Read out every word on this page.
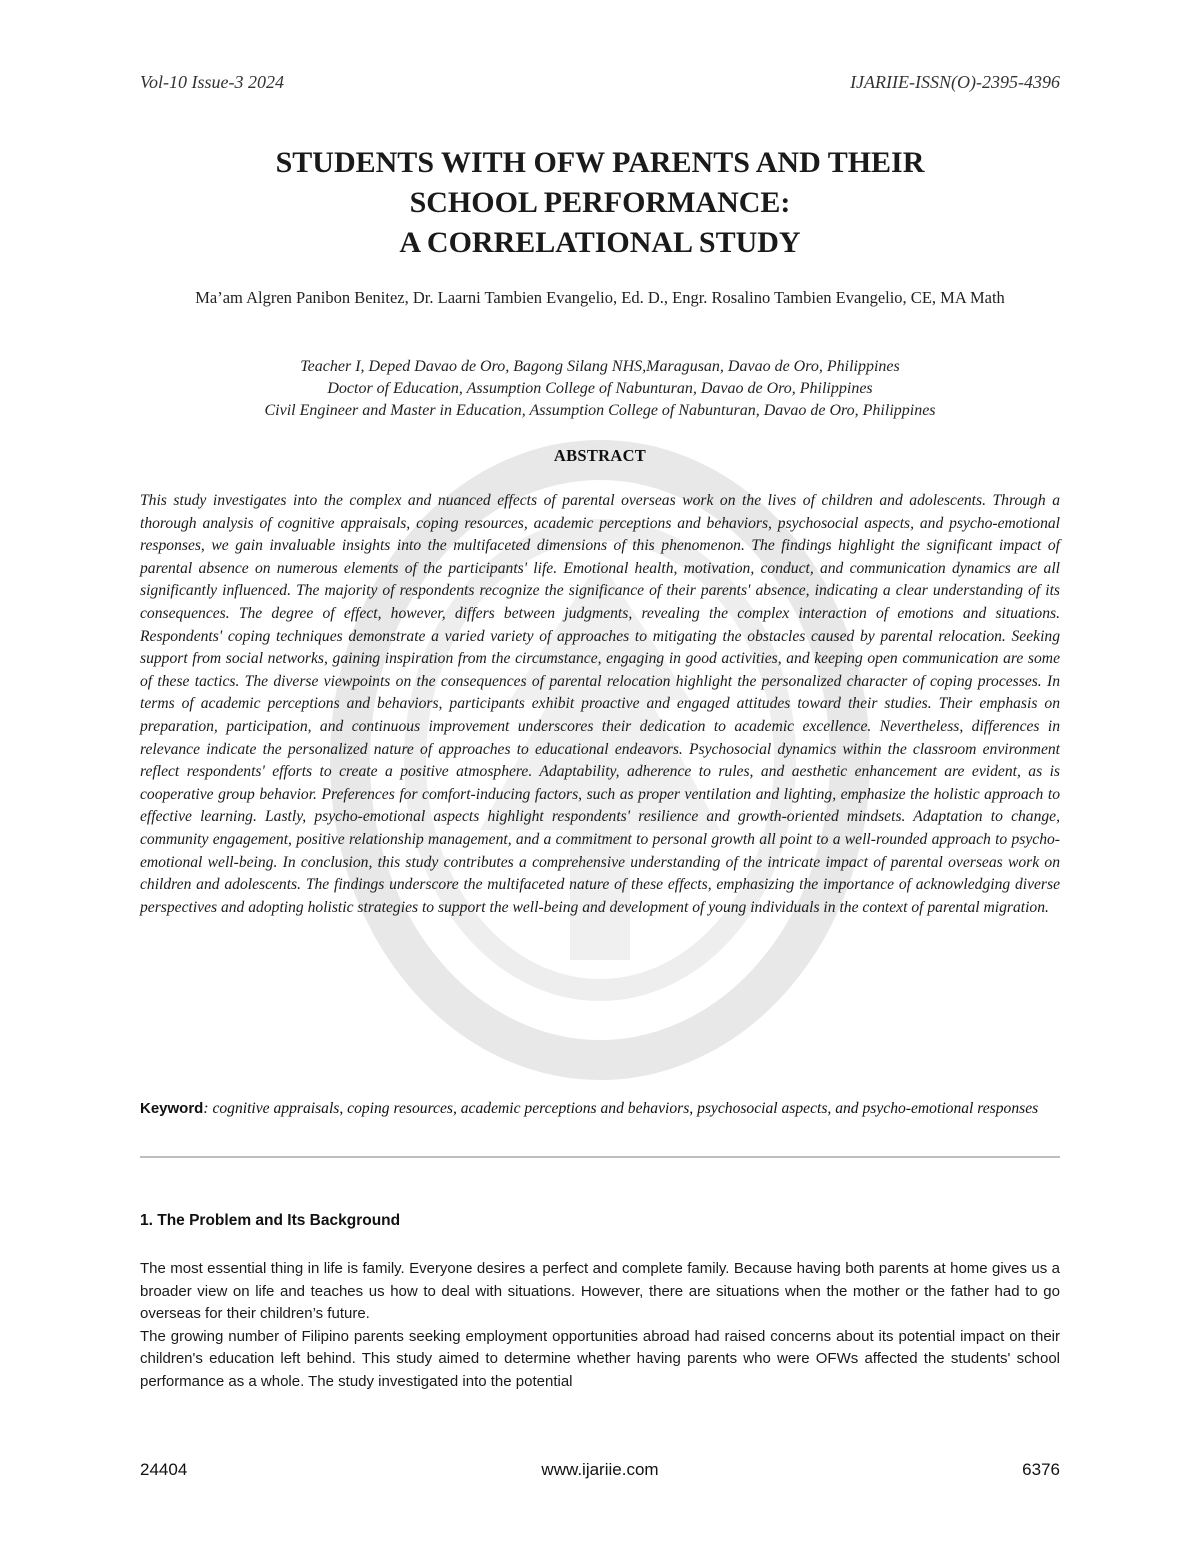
Vol-10 Issue-3 2024	IJARIIE-ISSN(O)-2395-4396
STUDENTS WITH OFW PARENTS AND THEIR
SCHOOL PERFORMANCE:
A CORRELATIONAL STUDY
Ma’am Algren Panibon Benitez, Dr. Laarni Tambien Evangelio, Ed. D., Engr. Rosalino Tambien Evangelio, CE, MA Math
Teacher I, Deped Davao de Oro, Bagong Silang NHS,Maragusan, Davao de Oro, Philippines
Doctor of Education, Assumption College of Nabunturan, Davao de Oro, Philippines
Civil Engineer and Master in Education, Assumption College of Nabunturan, Davao de Oro, Philippines
ABSTRACT
This study investigates into the complex and nuanced effects of parental overseas work on the lives of children and adolescents. Through a thorough analysis of cognitive appraisals, coping resources, academic perceptions and behaviors, psychosocial aspects, and psycho-emotional responses, we gain invaluable insights into the multifaceted dimensions of this phenomenon. The findings highlight the significant impact of parental absence on numerous elements of the participants' life. Emotional health, motivation, conduct, and communication dynamics are all significantly influenced. The majority of respondents recognize the significance of their parents' absence, indicating a clear understanding of its consequences. The degree of effect, however, differs between judgments, revealing the complex interaction of emotions and situations. Respondents' coping techniques demonstrate a varied variety of approaches to mitigating the obstacles caused by parental relocation. Seeking support from social networks, gaining inspiration from the circumstance, engaging in good activities, and keeping open communication are some of these tactics. The diverse viewpoints on the consequences of parental relocation highlight the personalized character of coping processes. In terms of academic perceptions and behaviors, participants exhibit proactive and engaged attitudes toward their studies. Their emphasis on preparation, participation, and continuous improvement underscores their dedication to academic excellence. Nevertheless, differences in relevance indicate the personalized nature of approaches to educational endeavors. Psychosocial dynamics within the classroom environment reflect respondents' efforts to create a positive atmosphere. Adaptability, adherence to rules, and aesthetic enhancement are evident, as is cooperative group behavior. Preferences for comfort-inducing factors, such as proper ventilation and lighting, emphasize the holistic approach to effective learning. Lastly, psycho-emotional aspects highlight respondents' resilience and growth-oriented mindsets. Adaptation to change, community engagement, positive relationship management, and a commitment to personal growth all point to a well-rounded approach to psycho-emotional well-being. In conclusion, this study contributes a comprehensive understanding of the intricate impact of parental overseas work on children and adolescents. The findings underscore the multifaceted nature of these effects, emphasizing the importance of acknowledging diverse perspectives and adopting holistic strategies to support the well-being and development of young individuals in the context of parental migration.
Keyword: cognitive appraisals, coping resources, academic perceptions and behaviors, psychosocial aspects, and psycho-emotional responses
1. The Problem and Its Background

The most essential thing in life is family. Everyone desires a perfect and complete family. Because having both parents at home gives us a broader view on life and teaches us how to deal with situations. However, there are situations when the mother or the father had to go overseas for their children’s future.

The growing number of Filipino parents seeking employment opportunities abroad had raised concerns about its potential impact on their children's education left behind. This study aimed to determine whether having parents who were OFWs affected the students' school performance as a whole. The study investigated into the potential

24404	www.ijariie.com	6376
